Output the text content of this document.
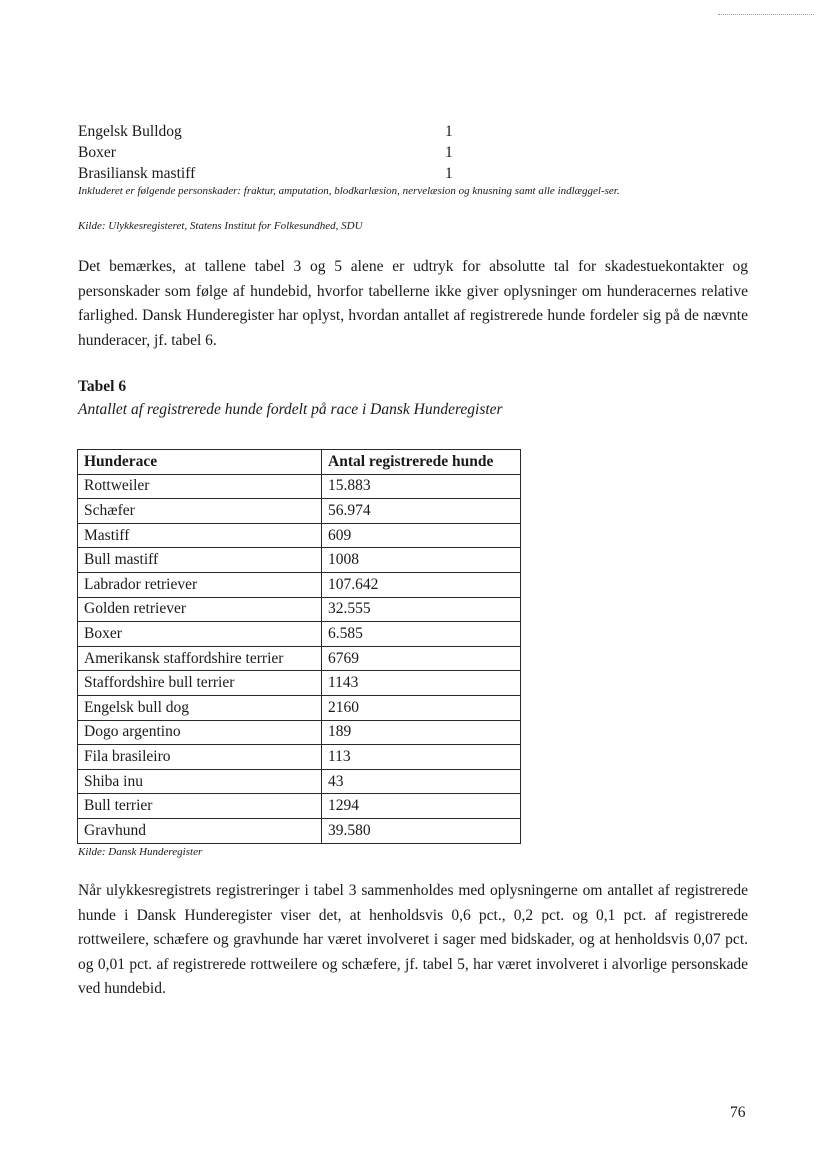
Engelsk Bulldog	1
Boxer	1
Brasiliansk mastiff	1
Inkluderet er følgende personskader: fraktur, amputation, blodkarlæsion, nervelæsion og knusning samt alle indlæggel-ser.
Kilde: Ulykkesregisteret, Statens Institut for Folkesundhed, SDU

Det bemærkes, at tallene tabel 3 og 5 alene er udtryk for absolutte tal for skadestuekontakter og personskader som følge af hundebid, hvorfor tabellerne ikke giver oplysninger om hunderacernes relative farlighed. Dansk Hunderegister har oplyst, hvordan antallet af registrerede hunde fordeler sig på de nævnte hunderacer, jf. tabel 6.

Tabel 6
Antallet af registrerede hunde fordelt på race i Dansk Hunderegister
Hunderace	Antal registrerede hunde
Rottweiler	15.883
Schæfer	56.974
Mastiff	609
Bull mastiff	1008
Labrador retriever	107.642
Golden retriever	32.555
Boxer	6.585
Amerikansk staffordshire terrier	6769
Staffordshire bull terrier	1143
Engelsk bull dog	2160
Dogo argentino	189
Fila brasileiro	113
Shiba inu	43
Bull terrier	1294
Gravhund	39.580
Kilde: Dansk Hunderegister

Når ulykkesregistrets registreringer i tabel 3 sammenholdes med oplysningerne om antallet af registrerede hunde i Dansk Hunderegister viser det, at henholdsvis 0,6 pct., 0,2 pct. og 0,1 pct. af registrerede rottweilere, schæfere og gravhunde har været involveret i sager med bidskader, og at henholdsvis 0,07 pct. og 0,01 pct. af registrerede rottweilere og schæfere, jf. tabel 5, har været involveret i alvorlige personskade ved hundebid.

76
